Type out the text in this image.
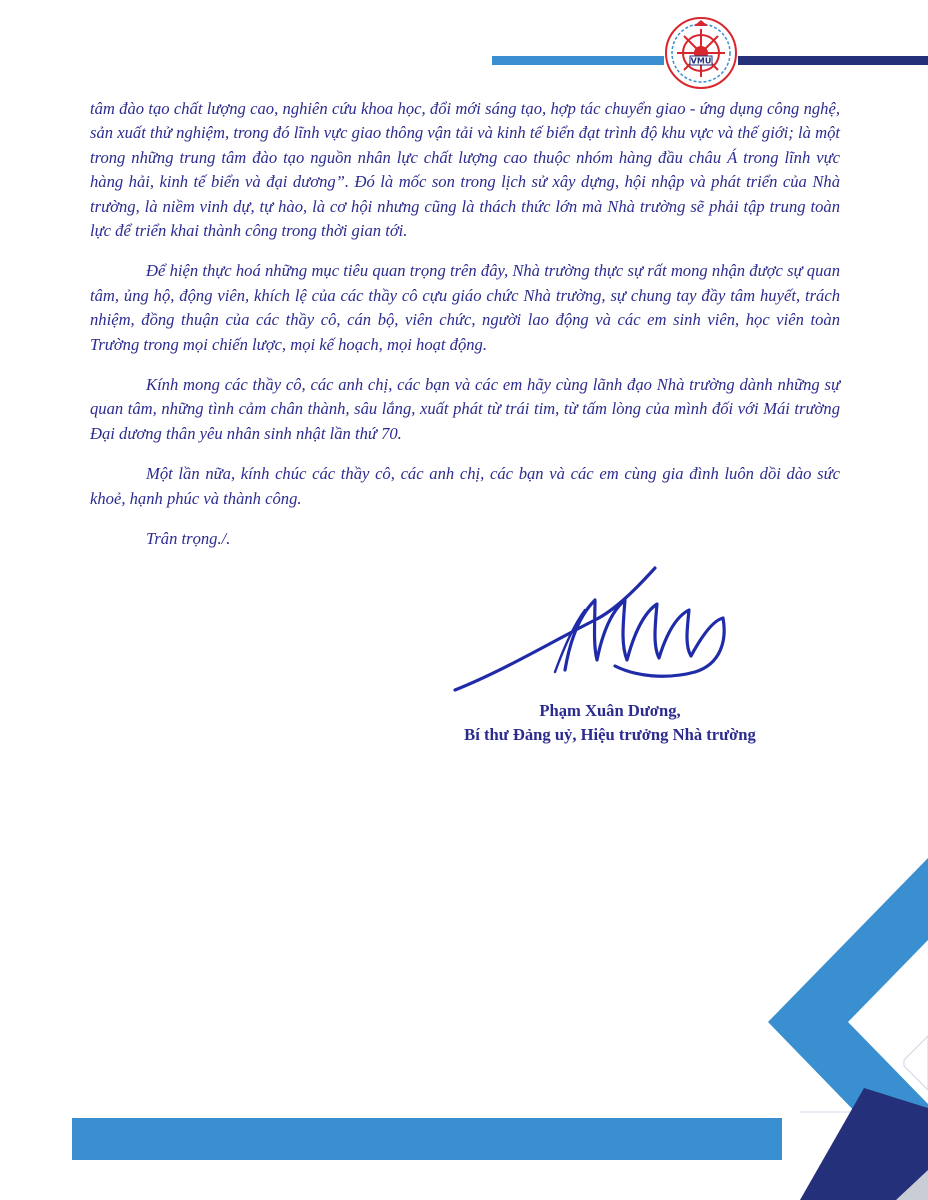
VMU

tâm đào tạo chất lượng cao, nghiên cứu khoa học, đổi mới sáng tạo, hợp tác chuyển giao - ứng dụng công nghệ, sản xuất thử nghiệm, trong đó lĩnh vực giao thông vận tải và kinh tế biển đạt trình độ khu vực và thế giới; là một trong những trung tâm đào tạo nguồn nhân lực chất lượng cao thuộc nhóm hàng đầu châu Á trong lĩnh vực hàng hải, kinh tế biển và đại dương”. Đó là mốc son trong lịch sử xây dựng, hội nhập và phát triển của Nhà trường, là niềm vinh dự, tự hào, là cơ hội nhưng cũng là thách thức lớn mà Nhà trường sẽ phải tập trung toàn lực để triển khai thành công trong thời gian tới.

Để hiện thực hoá những mục tiêu quan trọng trên đây, Nhà trường thực sự rất mong nhận được sự quan tâm, ủng hộ, động viên, khích lệ của các thầy cô cựu giáo chức Nhà trường, sự chung tay đầy tâm huyết, trách nhiệm, đồng thuận của các thầy cô, cán bộ, viên chức, người lao động và các em sinh viên, học viên toàn Trường trong mọi chiến lược, mọi kế hoạch, mọi hoạt động.

Kính mong các thầy cô, các anh chị, các bạn và các em hãy cùng lãnh đạo Nhà trường dành những sự quan tâm, những tình cảm chân thành, sâu lắng, xuất phát từ trái tim, từ tấm lòng của mình đối với Mái trường Đại dương thân yêu nhân sinh nhật lần thứ 70.

Một lần nữa, kính chúc các thầy cô, các anh chị, các bạn và các em cùng gia đình luôn dồi dào sức khoẻ, hạnh phúc và thành công.

Trân trọng./.

Phạm Xuân Dương,
Bí thư Đảng uỷ, Hiệu trưởng Nhà trường
